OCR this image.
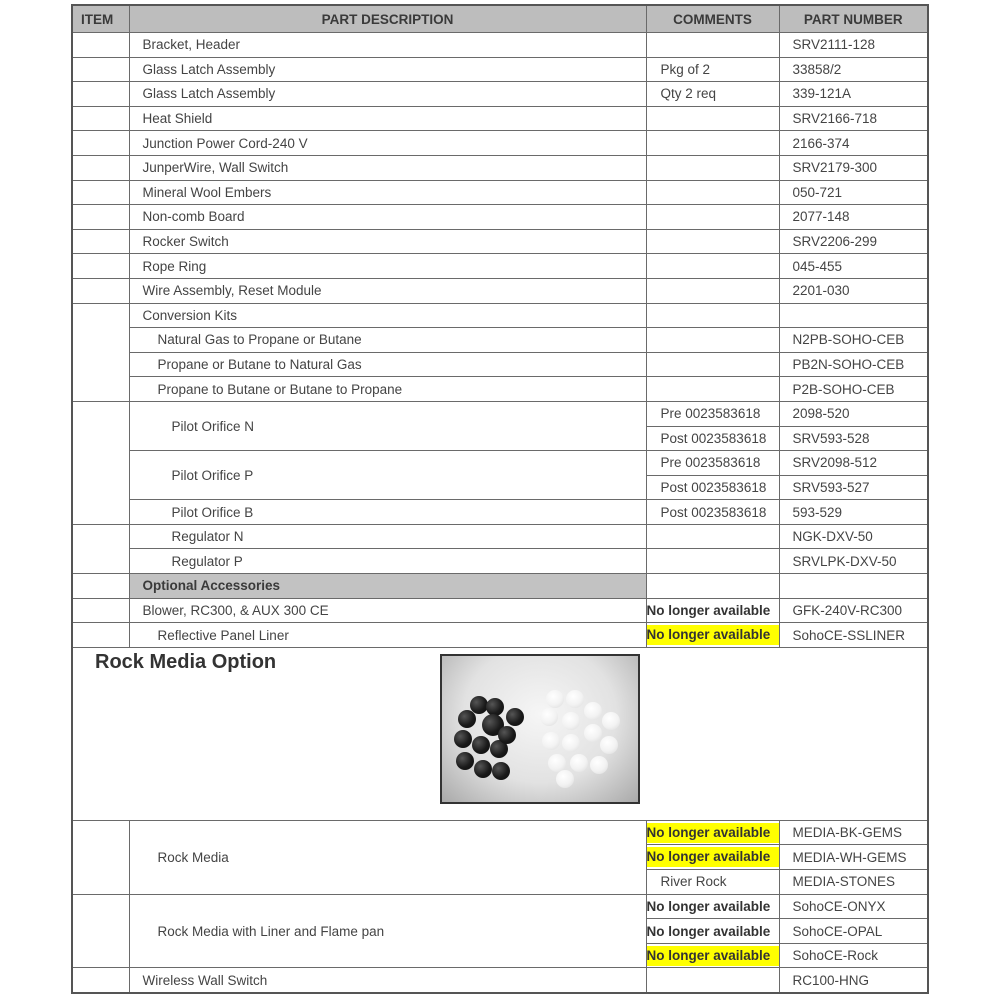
ITEM	PART DESCRIPTION	COMMENTS	PART NUMBER
	Bracket, Header		SRV2111-128
	Glass Latch Assembly	Pkg of 2	33858/2
	Glass Latch Assembly	Qty 2 req	339-121A
	Heat Shield		SRV2166-718
	Junction Power Cord-240 V		2166-374
	JunperWire, Wall Switch		SRV2179-300
	Mineral Wool Embers		050-721
	Non-comb Board		2077-148
	Rocker Switch		SRV2206-299
	Rope Ring		045-455
	Wire Assembly, Reset Module		2201-030
	Conversion Kits		
	Natural Gas to Propane or Butane		N2PB-SOHO-CEB
	Propane or Butane to Natural Gas		PB2N-SOHO-CEB
	Propane to Butane or Butane to Propane		P2B-SOHO-CEB
	Pilot Orifice N	Pre 0023583618	2098-520
		Post 0023583618	SRV593-528
	Pilot Orifice P	Pre 0023583618	SRV2098-512
		Post 0023583618	SRV593-527
	Pilot Orifice B	Post 0023583618	593-529
	Regulator N		NGK-DXV-50
	Regulator P		SRVLPK-DXV-50
	Optional Accessories		
	Blower, RC300, & AUX 300 CE	No longer available	GFK-240V-RC300
	Reflective Panel Liner	No longer available	SohoCE-SSLINER
Rock Media Option			
	Rock Media	No longer available	MEDIA-BK-GEMS
		No longer available	MEDIA-WH-GEMS
		River Rock	MEDIA-STONES
	Rock Media with Liner and Flame pan	No longer available	SohoCE-ONYX
		No longer available	SohoCE-OPAL
		No longer available	SohoCE-Rock
	Wireless Wall Switch		RC100-HNG
